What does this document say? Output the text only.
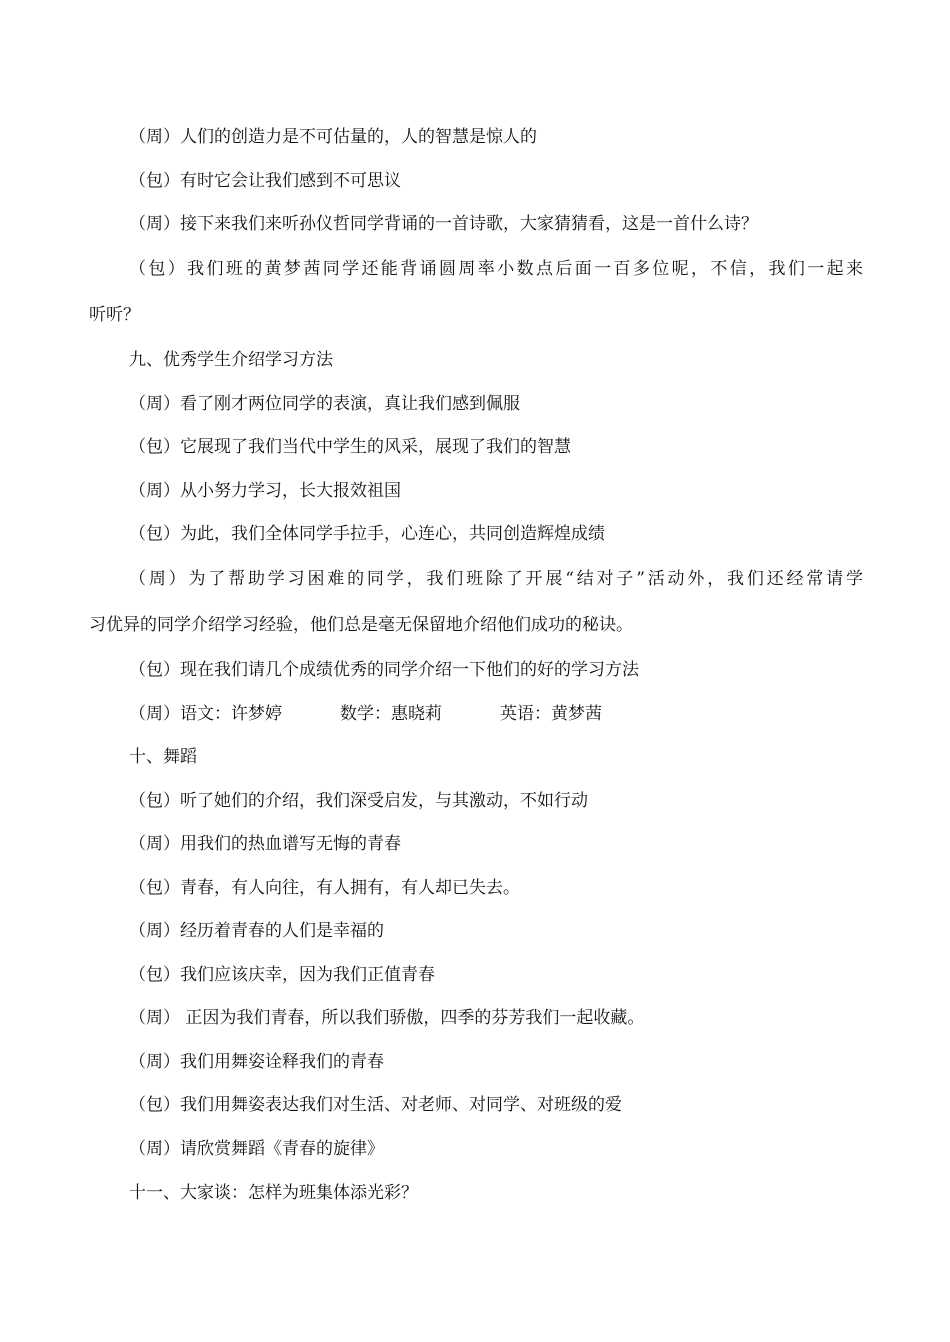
（周）人们的创造力是不可估量的，人的智慧是惊人的
（包）有时它会让我们感到不可思议
（周）接下来我们来听孙仪哲同学背诵的一首诗歌，大家猜猜看，这是一首什么诗？
（包）我们班的黄梦茜同学还能背诵圆周率小数点后面一百多位呢，不信，我们一起来
听听？
九、优秀学生介绍学习方法
（周）看了刚才两位同学的表演，真让我们感到佩服
（包）它展现了我们当代中学生的风采，展现了我们的智慧
（周）从小努力学习，长大报效祖国
（包）为此，我们全体同学手拉手，心连心，共同创造辉煌成绩
（周）为了帮助学习困难的同学，我们班除了开展“结对子”活动外，我们还经常请学
习优异的同学介绍学习经验，他们总是毫无保留地介绍他们成功的秘诀。
（包）现在我们请几个成绩优秀的同学介绍一下他们的好的学习方法
（周）语文：许梦婷	数学：惠晓莉	英语：黄梦茜
十、舞蹈
（包）听了她们的介绍，我们深受启发，与其激动，不如行动
（周）用我们的热血谱写无悔的青春
（包）青春，有人向往，有人拥有，有人却已失去。
（周）经历着青春的人们是幸福的
（包）我们应该庆幸，因为我们正值青春
（周） 正因为我们青春，所以我们骄傲，四季的芬芳我们一起收藏。
（周）我们用舞姿诠释我们的青春
（包）我们用舞姿表达我们对生活、对老师、对同学、对班级的爱
（周）请欣赏舞蹈《青春的旋律》
十一、大家谈：怎样为班集体添光彩？
